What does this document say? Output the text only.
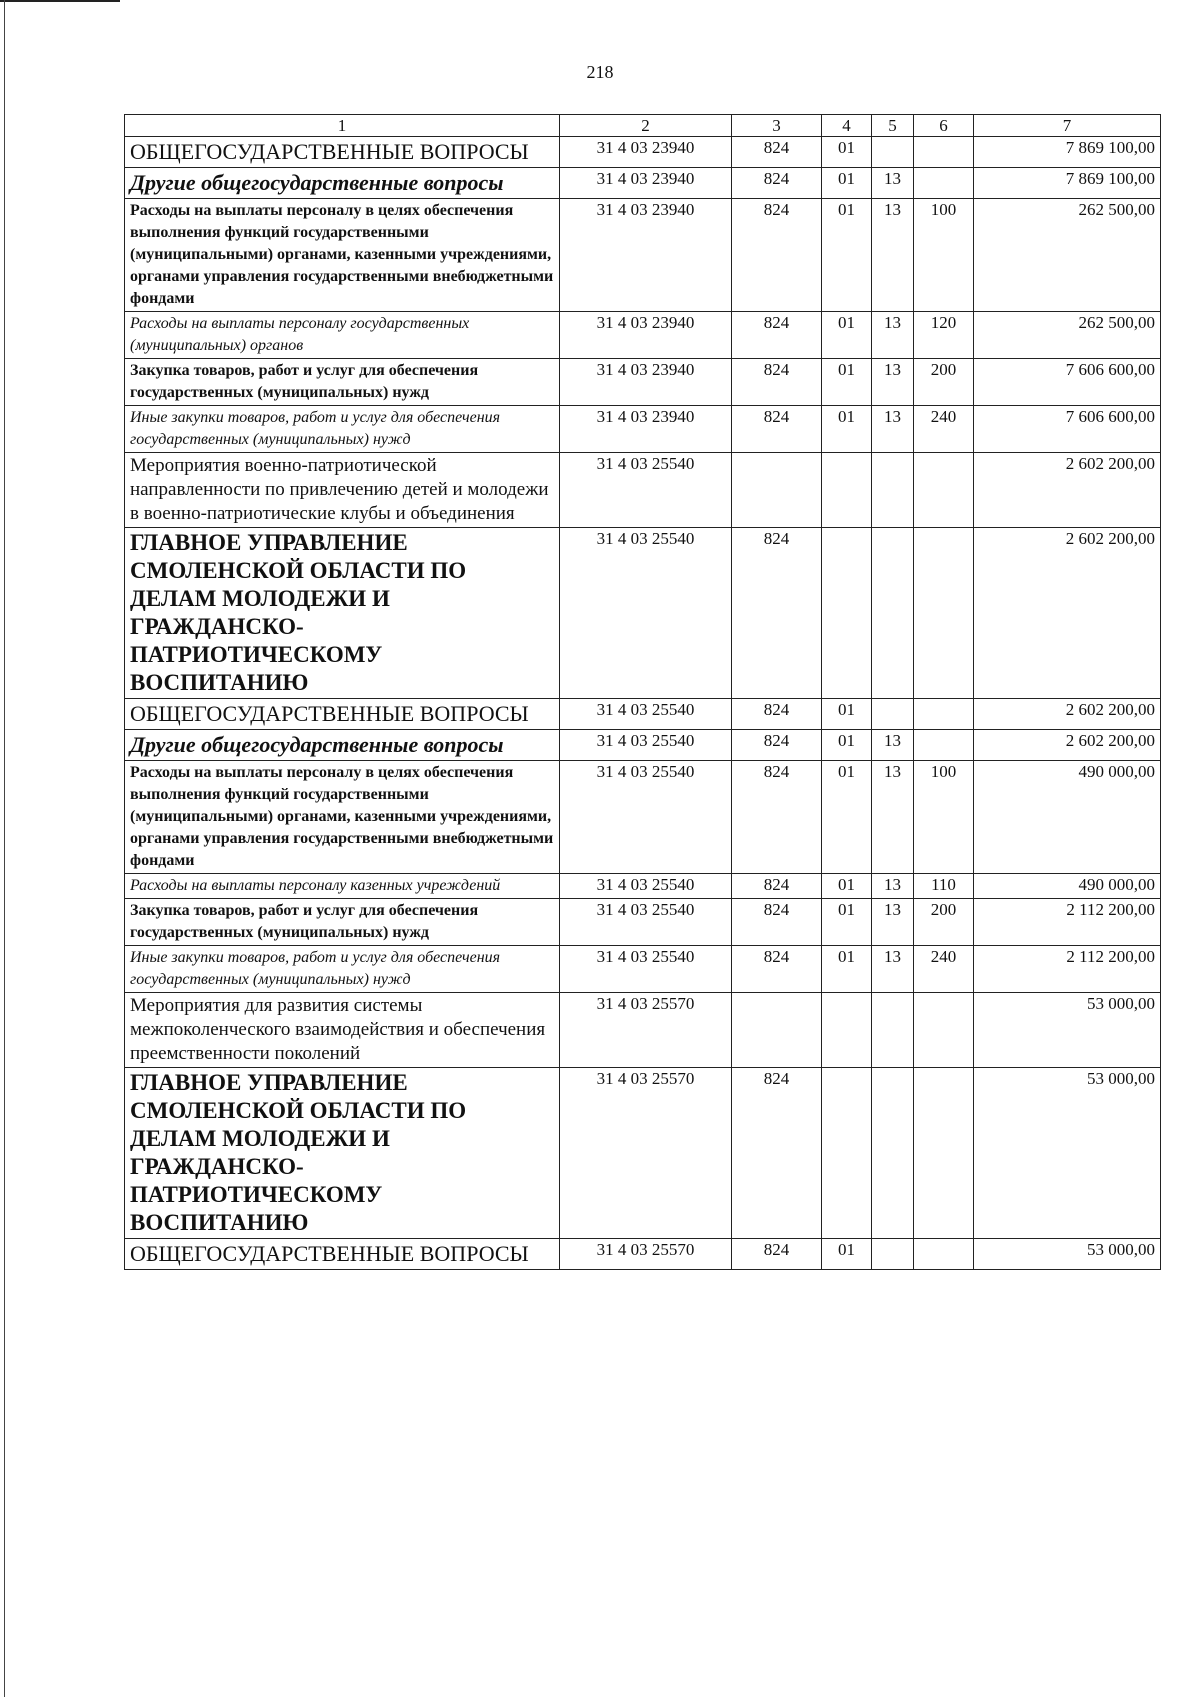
218
1	2	3	4	5	6	7

ОБЩЕГОСУДАРСТВЕННЫЕ ВОПРОСЫ	31 4 03 23940	824	01			7 869 100,00

Другие общегосударственные вопросы	31 4 03 23940	824	01	13		7 869 100,00

Расходы на выплаты персоналу в целях обеспечения выполнения функций государственными (муниципальными) органами, казенными учреждениями, органами управления государственными внебюджетными фондами	31 4 03 23940	824	01	13	100	262 500,00

Расходы на выплаты персоналу государственных (муниципальных) органов	31 4 03 23940	824	01	13	120	262 500,00

Закупка товаров, работ и услуг для обеспечения государственных (муниципальных) нужд	31 4 03 23940	824	01	13	200	7 606 600,00

Иные закупки товаров, работ и услуг для обеспечения государственных (муниципальных) нужд	31 4 03 23940	824	01	13	240	7 606 600,00

Мероприятия военно-патриотической направленности по привлечению детей и молодежи в военно-патриотические клубы и объединения	31 4 03 25540					2 602 200,00

ГЛАВНОЕ УПРАВЛЕНИЕ СМОЛЕНСКОЙ ОБЛАСТИ ПО ДЕЛАМ МОЛОДЕЖИ И ГРАЖДАНСКО-ПАТРИОТИЧЕСКОМУ ВОСПИТАНИЮ	31 4 03 25540	824				2 602 200,00

ОБЩЕГОСУДАРСТВЕННЫЕ ВОПРОСЫ	31 4 03 25540	824	01			2 602 200,00

Другие общегосударственные вопросы	31 4 03 25540	824	01	13		2 602 200,00

Расходы на выплаты персоналу в целях обеспечения выполнения функций государственными (муниципальными) органами, казенными учреждениями, органами управления государственными внебюджетными фондами	31 4 03 25540	824	01	13	100	490 000,00

Расходы на выплаты персоналу казенных учреждений	31 4 03 25540	824	01	13	110	490 000,00

Закупка товаров, работ и услуг для обеспечения государственных (муниципальных) нужд	31 4 03 25540	824	01	13	200	2 112 200,00

Иные закупки товаров, работ и услуг для обеспечения государственных (муниципальных) нужд	31 4 03 25540	824	01	13	240	2 112 200,00

Мероприятия для развития системы межпоколенческого взаимодействия и обеспечения преемственности поколений	31 4 03 25570					53 000,00

ГЛАВНОЕ УПРАВЛЕНИЕ СМОЛЕНСКОЙ ОБЛАСТИ ПО ДЕЛАМ МОЛОДЕЖИ И ГРАЖДАНСКО-ПАТРИОТИЧЕСКОМУ ВОСПИТАНИЮ	31 4 03 25570	824				53 000,00

ОБЩЕГОСУДАРСТВЕННЫЕ ВОПРОСЫ	31 4 03 25570	824	01			53 000,00
